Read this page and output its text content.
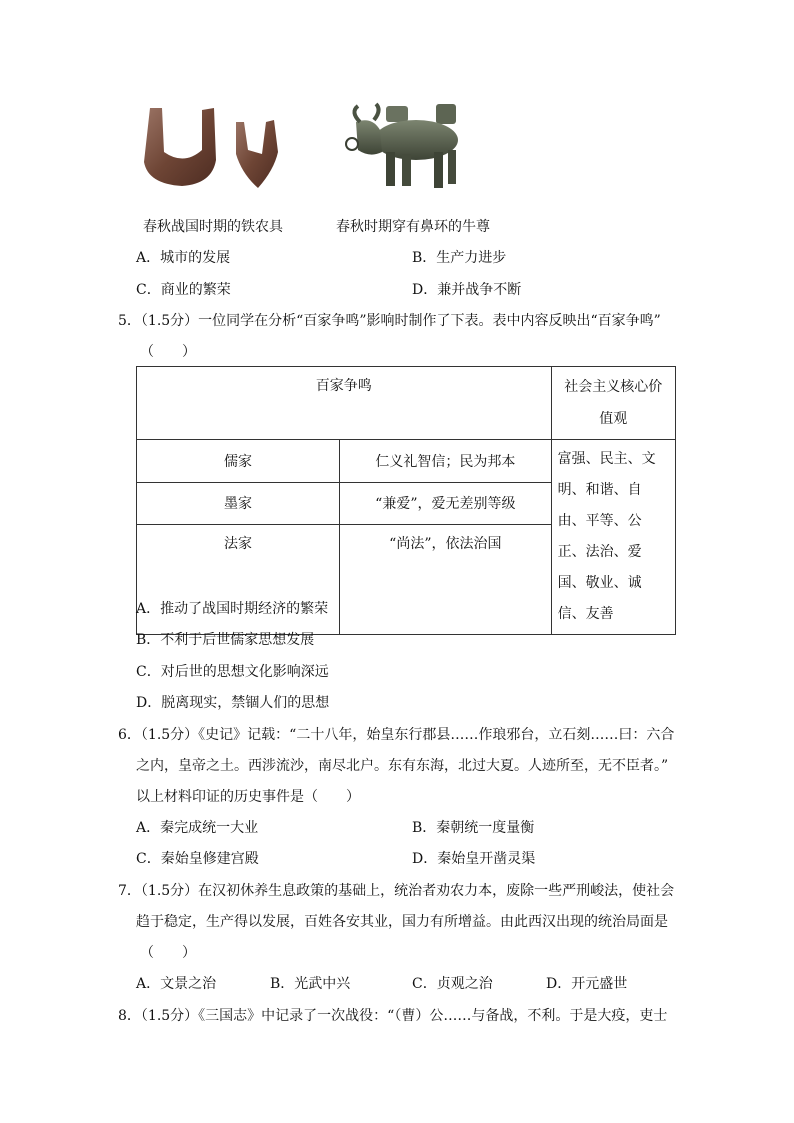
春秋战国时期的铁农具	春秋时期穿有鼻环的牛尊
A．城市的发展	B．生产力进步
C．商业的繁荣	D．兼并战争不断
5．（1.5分）一位同学在分析“百家争鸣”影响时制作了下表。表中内容反映出“百家争鸣”
（　　）
百家争鸣		社会主义核心价值观
儒家	仁义礼智信；民为邦本	富强、民主、文明、和谐、自由、平等、公正、法治、爱国、敬业、诚信、友善
墨家	“兼爱”，爱无差别等级	
法家	“尚法”，依法治国	
A．推动了战国时期经济的繁荣
B．不利于后世儒家思想发展
C．对后世的思想文化影响深远
D．脱离现实，禁锢人们的思想
6．（1.5分）《史记》记载：“二十八年，始皇东行郡县……作琅邪台，立石刻……曰：六合
之内，皇帝之土。西涉流沙，南尽北户。东有东海，北过大夏。人迹所至，无不臣者。”
以上材料印证的历史事件是（　　）
A．秦完成统一大业	B．秦朝统一度量衡
C．秦始皇修建宫殿	D．秦始皇开凿灵渠
7．（1.5分）在汉初休养生息政策的基础上，统治者劝农力本，废除一些严刑峻法，使社会
趋于稳定，生产得以发展，百姓各安其业，国力有所增益。由此西汉出现的统治局面是
（　　）
A．文景之治	B．光武中兴	C．贞观之治	D．开元盛世
8．（1.5分）《三国志》中记录了一次战役：“（曹）公……与备战，不利。于是大疫，吏士
